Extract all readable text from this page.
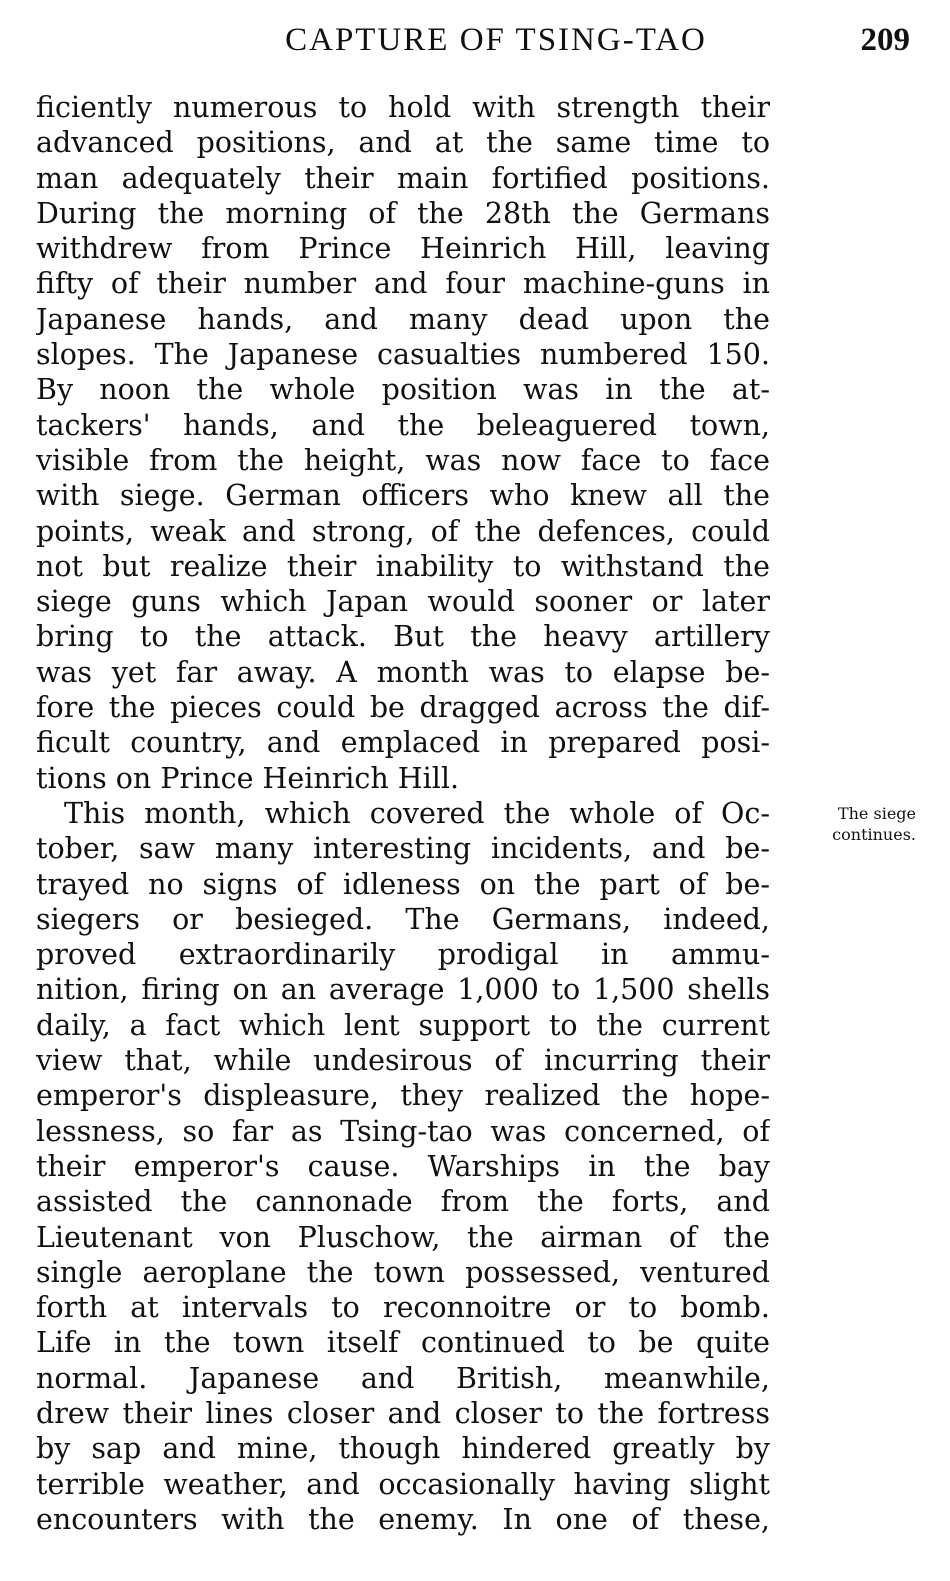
CAPTURE OF TSING-TAO	209
ficiently numerous to hold with strength their
advanced positions, and at the same time to
man adequately their main fortified positions.
During the morning of the 28th the Germans
withdrew from Prince Heinrich Hill, leaving
fifty of their number and four machine-guns in
Japanese hands, and many dead upon the
slopes. The Japanese casualties numbered 150.
By noon the whole position was in the at-
tackers' hands, and the beleaguered town,
visible from the height, was now face to face
with siege. German officers who knew all the
points, weak and strong, of the defences, could
not but realize their inability to withstand the
siege guns which Japan would sooner or later
bring to the attack. But the heavy artillery
was yet far away. A month was to elapse be-
fore the pieces could be dragged across the dif-
ficult country, and emplaced in prepared posi-
tions on Prince Heinrich Hill.
This month, which covered the whole of Oc-
tober, saw many interesting incidents, and be-
trayed no signs of idleness on the part of be-
siegers or besieged. The Germans, indeed,
proved extraordinarily prodigal in ammu-
nition, firing on an average 1,000 to 1,500 shells
daily, a fact which lent support to the current
view that, while undesirous of incurring their
emperor's displeasure, they realized the hope-
lessness, so far as Tsing-tao was concerned, of
their emperor's cause. Warships in the bay
assisted the cannonade from the forts, and
Lieutenant von Pluschow, the airman of the
single aeroplane the town possessed, ventured
forth at intervals to reconnoitre or to bomb.
Life in the town itself continued to be quite
normal. Japanese and British, meanwhile,
drew their lines closer and closer to the fortress
by sap and mine, though hindered greatly by
terrible weather, and occasionally having slight
encounters with the enemy. In one of these,
The siege
continues.
